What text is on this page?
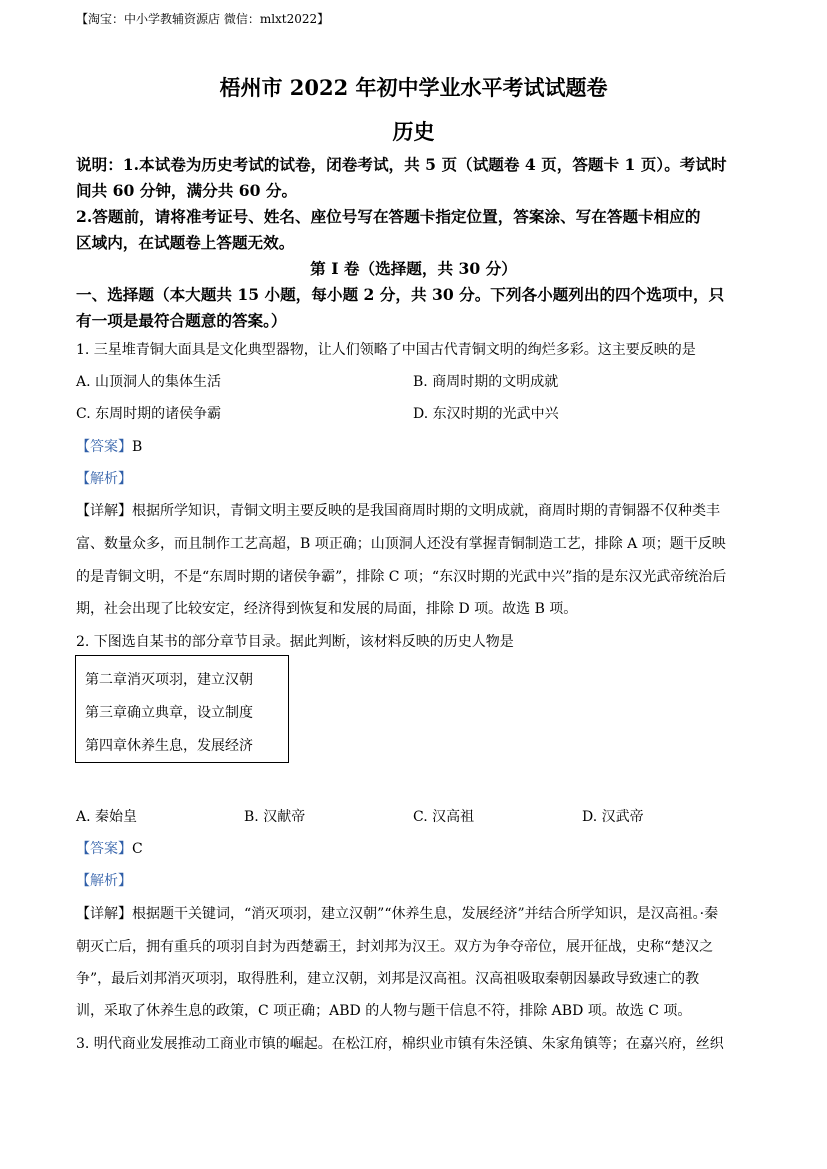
【淘宝：中小学教辅资源店 微信：mlxt2022】
梧州市 2022 年初中学业水平考试试题卷
历史
说明：1.本试卷为历史考试的试卷，闭卷考试，共 5 页（试题卷 4 页，答题卡 1 页）。考试时
间共 60 分钟，满分共 60 分。
2.答题前，请将准考证号、姓名、座位号写在答题卡指定位置，答案涂、写在答题卡相应的
区域内，在试题卷上答题无效。
第 I 卷（选择题，共 30 分）
一、选择题（本大题共 15 小题，每小题 2 分，共 30 分。下列各小题列出的四个选项中，只
有一项是最符合题意的答案。）
1. 三星堆青铜大面具是文化典型器物，让人们领略了中国古代青铜文明的绚烂多彩。这主要反映的是
A. 山顶洞人的集体生活	B. 商周时期的文明成就
C. 东周时期的诸侯争霸	D. 东汉时期的光武中兴
【答案】B
【解析】
【详解】根据所学知识，青铜文明主要反映的是我国商周时期的文明成就，商周时期的青铜器不仅种类丰
富、数量众多，而且制作工艺高超，B 项正确；山顶洞人还没有掌握青铜制造工艺，排除 A 项；题干反映
的是青铜文明，不是“东周时期的诸侯争霸”，排除 C 项；“东汉时期的光武中兴”指的是东汉光武帝统治后
期，社会出现了比较安定，经济得到恢复和发展的局面，排除 D 项。故选 B 项。
2. 下图选自某书的部分章节目录。据此判断，该材料反映的历史人物是
第二章消灭项羽，建立汉朝
第三章确立典章，设立制度
第四章休养生息，发展经济
A. 秦始皇	B. 汉献帝	C. 汉高祖	D. 汉武帝
【答案】C
【解析】
【详解】根据题干关键词，“消灭项羽，建立汉朝”“休养生息，发展经济”并结合所学知识，是汉高祖。·秦
朝灭亡后，拥有重兵的项羽自封为西楚霸王，封刘邦为汉王。双方为争夺帝位，展开征战，史称“楚汉之
争”，最后刘邦消灭项羽，取得胜利，建立汉朝，刘邦是汉高祖。汉高祖吸取秦朝因暴政导致速亡的教
训，采取了休养生息的政策，C 项正确；ABD 的人物与题干信息不符，排除 ABD 项。故选 C 项。
3. 明代商业发展推动工商业市镇的崛起。在松江府，棉织业市镇有朱泾镇、朱家角镇等；在嘉兴府，丝织
